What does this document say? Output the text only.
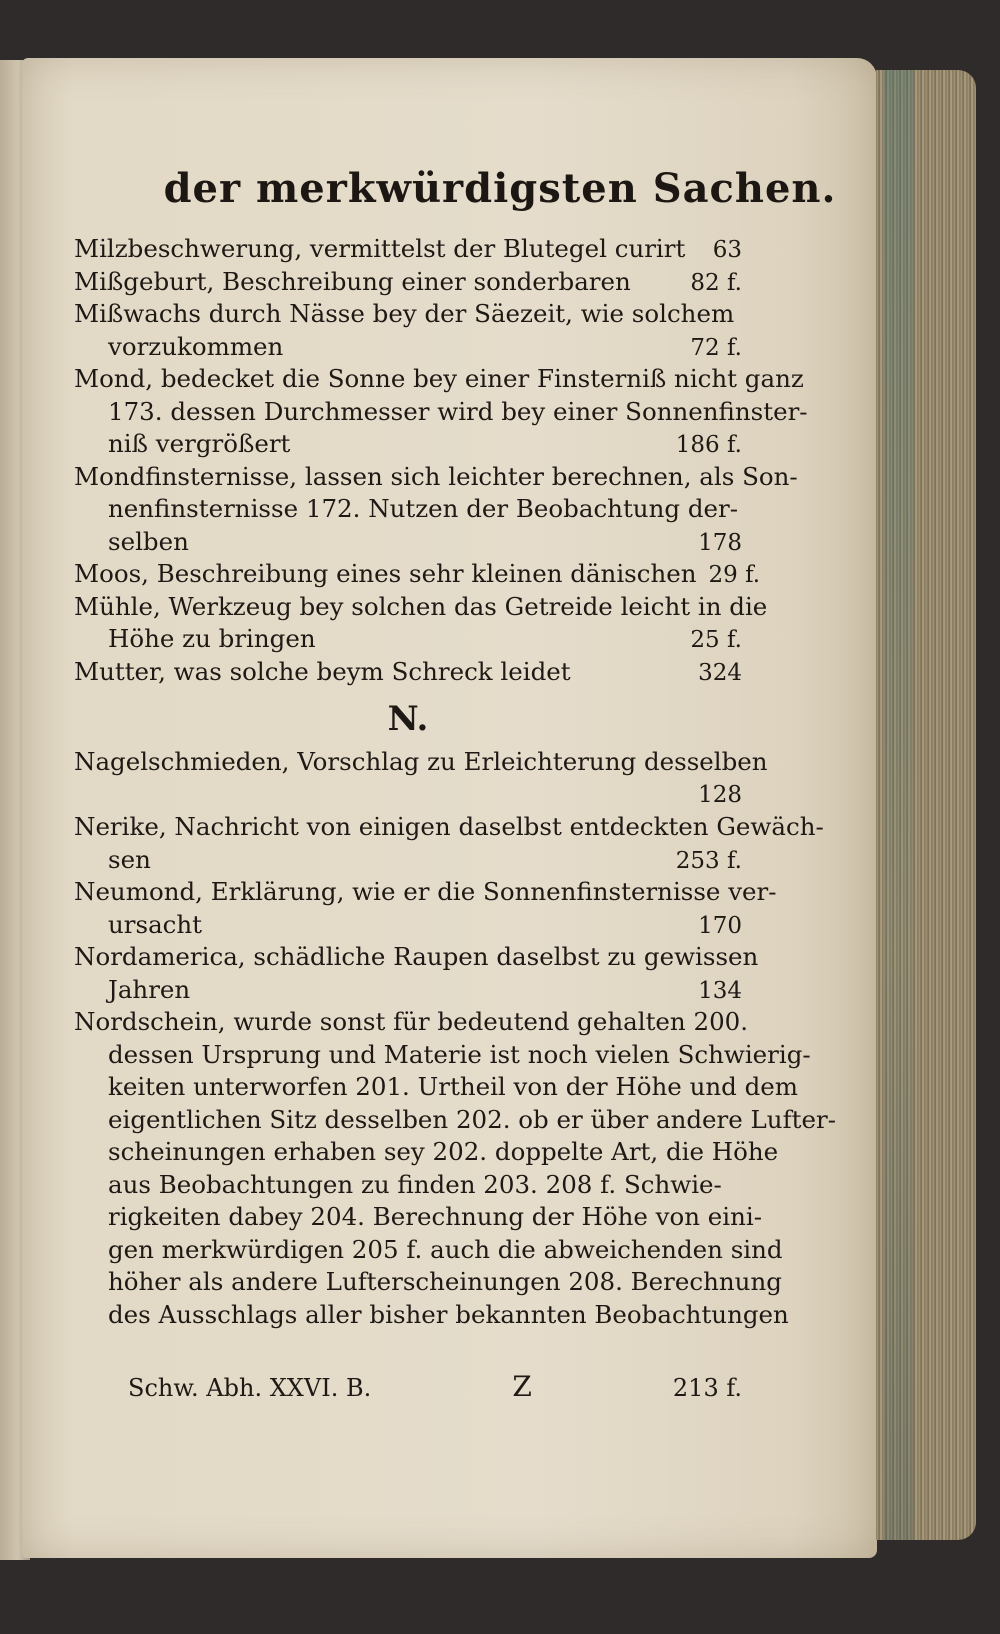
der merkwürdigsten Sachen.
Milzbeschwerung, vermittelst der Blutegel curirt	63
Mißgeburt, Beschreibung einer sonderbaren	82 f.
Mißwachs durch Nässe bey der Säezeit, wie solchem
vorzukommen	72 f.
Mond, bedecket die Sonne bey einer Finsterniß nicht ganz
173. dessen Durchmesser wird bey einer Sonnenfinster-
niß vergrößert	186 f.
Mondfinsternisse, lassen sich leichter berechnen, als Son-
nenfinsternisse 172. Nutzen der Beobachtung der-
selben	178
Moos, Beschreibung eines sehr kleinen dänischen 29 f.
Mühle, Werkzeug bey solchen das Getreide leicht in die
Höhe zu bringen	25 f.
Mutter, was solche beym Schreck leidet	324
N.
Nagelschmieden, Vorschlag zu Erleichterung desselben
128
Nerike, Nachricht von einigen daselbst entdeckten Gewäch-
sen	253 f.
Neumond, Erklärung, wie er die Sonnenfinsternisse ver-
ursacht	170
Nordamerica, schädliche Raupen daselbst zu gewissen
Jahren	134
Nordschein, wurde sonst für bedeutend gehalten 200.
dessen Ursprung und Materie ist noch vielen Schwierig-
keiten unterworfen 201. Urtheil von der Höhe und dem
eigentlichen Sitz desselben 202. ob er über andere Lufter-
scheinungen erhaben sey 202. doppelte Art, die Höhe
aus Beobachtungen zu finden 203. 208 f. Schwie-
rigkeiten dabey 204. Berechnung der Höhe von eini-
gen merkwürdigen 205 f. auch die abweichenden sind
höher als andere Lufterscheinungen 208. Berechnung
des Ausschlags aller bisher bekannten Beobachtungen
Schw. Abh. XXVI. B.	Z	213 f.
